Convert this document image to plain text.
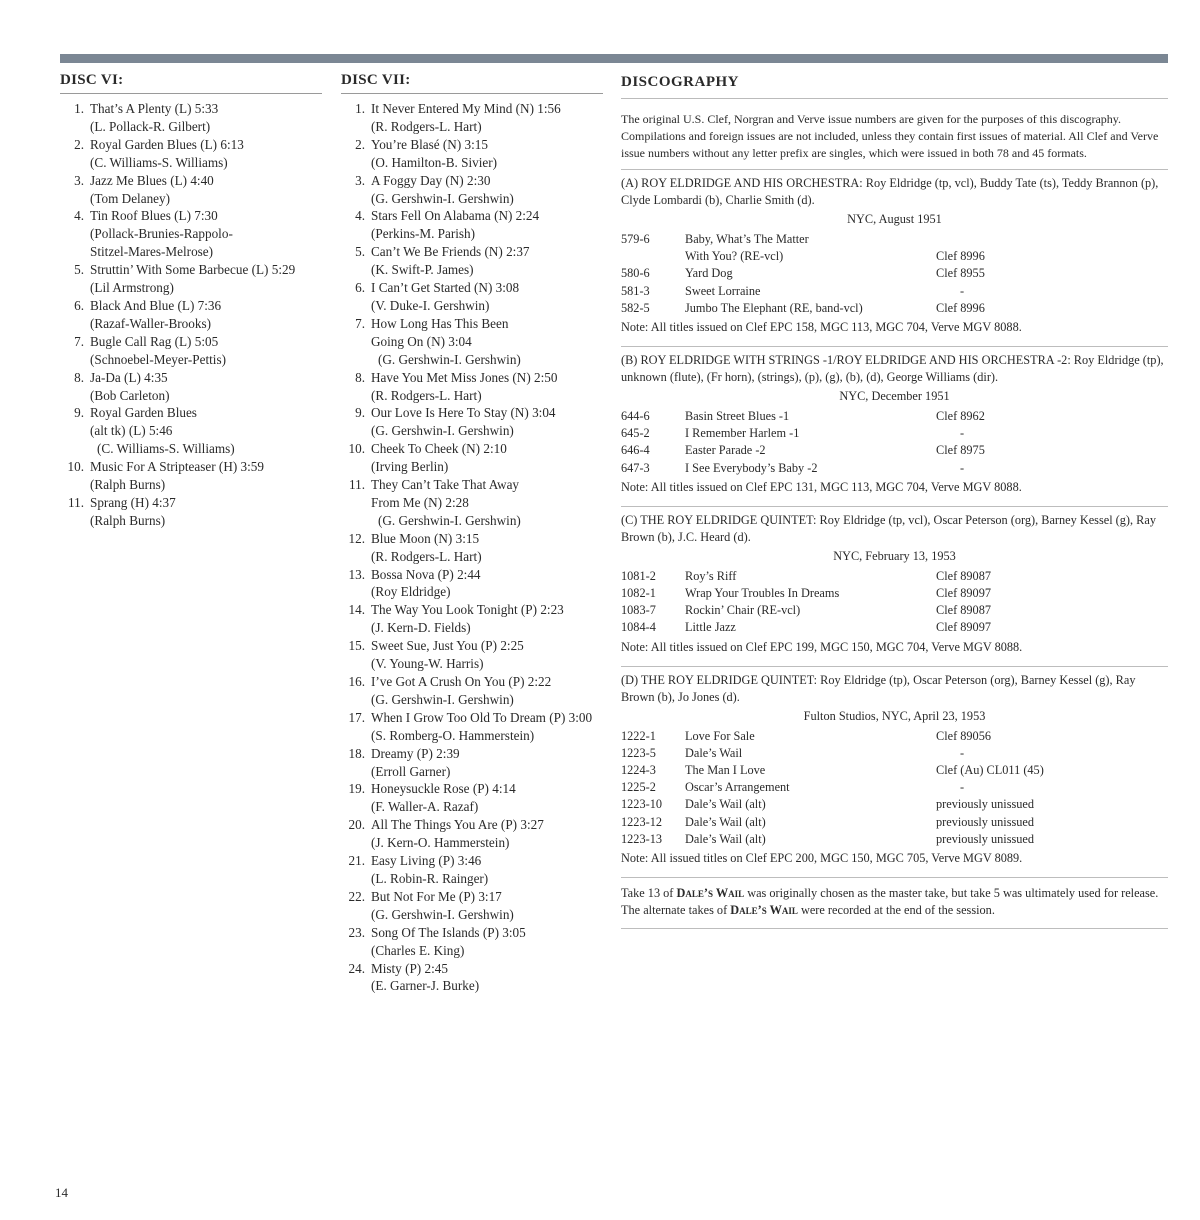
DISC VI:
1. That’s A Plenty (L) 5:33
(L. Pollack-R. Gilbert)
2. Royal Garden Blues (L) 6:13
(C. Williams-S. Williams)
3. Jazz Me Blues (L) 4:40
(Tom Delaney)
4. Tin Roof Blues (L) 7:30
(Pollack-Brunies-Rappolo-
Stitzel-Mares-Melrose)
5. Struttin’ With Some Barbecue (L) 5:29
(Lil Armstrong)
6. Black And Blue (L) 7:36
(Razaf-Waller-Brooks)
7. Bugle Call Rag (L) 5:05
(Schnoebel-Meyer-Pettis)
8. Ja-Da (L) 4:35
(Bob Carleton)
9. Royal Garden Blues
(alt tk) (L) 5:46
(C. Williams-S. Williams)
10. Music For A Stripteaser (H) 3:59
(Ralph Burns)
11. Sprang (H) 4:37
(Ralph Burns)
DISC VII:
1. It Never Entered My Mind (N) 1:56
(R. Rodgers-L. Hart)
2. You’re Blasé (N) 3:15
(O. Hamilton-B. Sivier)
3. A Foggy Day (N) 2:30
(G. Gershwin-I. Gershwin)
4. Stars Fell On Alabama (N) 2:24
(Perkins-M. Parish)
5. Can’t We Be Friends (N) 2:37
(K. Swift-P. James)
6. I Can’t Get Started (N) 3:08
(V. Duke-I. Gershwin)
7. How Long Has This Been
Going On (N) 3:04
(G. Gershwin-I. Gershwin)
8. Have You Met Miss Jones (N) 2:50
(R. Rodgers-L. Hart)
9. Our Love Is Here To Stay (N) 3:04
(G. Gershwin-I. Gershwin)
10. Cheek To Cheek (N) 2:10
(Irving Berlin)
11. They Can’t Take That Away
From Me (N) 2:28
(G. Gershwin-I. Gershwin)
12. Blue Moon (N) 3:15
(R. Rodgers-L. Hart)
13. Bossa Nova (P) 2:44
(Roy Eldridge)
14. The Way You Look Tonight (P) 2:23
(J. Kern-D. Fields)
15. Sweet Sue, Just You (P) 2:25
(V. Young-W. Harris)
16. I’ve Got A Crush On You (P) 2:22
(G. Gershwin-I. Gershwin)
17. When I Grow Too Old To Dream (P) 3:00
(S. Romberg-O. Hammerstein)
18. Dreamy (P) 2:39
(Erroll Garner)
19. Honeysuckle Rose (P) 4:14
(F. Waller-A. Razaf)
20. All The Things You Are (P) 3:27
(J. Kern-O. Hammerstein)
21. Easy Living (P) 3:46
(L. Robin-R. Rainger)
22. But Not For Me (P) 3:17
(G. Gershwin-I. Gershwin)
23. Song Of The Islands (P) 3:05
(Charles E. King)
24. Misty (P) 2:45
(E. Garner-J. Burke)
DISCOGRAPHY
The original U.S. Clef, Norgran and Verve issue numbers are given for the purposes of this discography. Compilations and foreign issues are not included, unless they contain first issues of material. All Clef and Verve issue numbers without any letter prefix are singles, which were issued in both 78 and 45 formats.
(A) ROY ELDRIDGE AND HIS ORCHESTRA: Roy Eldridge (tp, vcl), Buddy Tate (ts), Teddy Brannon (p), Clyde Lombardi (b), Charlie Smith (d).
NYC, August 1951
579-6	Baby, What’s The Matter
With You? (RE-vcl)	Clef 8996
580-6	Yard Dog	Clef 8955
581-3	Sweet Lorraine	-
582-5	Jumbo The Elephant (RE, band-vcl)	Clef 8996
Note: All titles issued on Clef EPC 158, MGC 113, MGC 704, Verve MGV 8088.
(B) ROY ELDRIDGE WITH STRINGS -1/ROY ELDRIDGE AND HIS ORCHESTRA -2: Roy Eldridge (tp), unknown (flute), (Fr horn), (strings), (p), (g), (b), (d), George Williams (dir).
NYC, December 1951
644-6	Basin Street Blues -1	Clef 8962
645-2	I Remember Harlem -1	-
646-4	Easter Parade -2	Clef 8975
647-3	I See Everybody’s Baby -2	-
Note: All titles issued on Clef EPC 131, MGC 113, MGC 704, Verve MGV 8088.
(C) THE ROY ELDRIDGE QUINTET: Roy Eldridge (tp, vcl), Oscar Peterson (org), Barney Kessel (g), Ray Brown (b), J.C. Heard (d).
NYC, February 13, 1953
1081-2	Roy’s Riff	Clef 89087
1082-1	Wrap Your Troubles In Dreams	Clef 89097
1083-7	Rockin’ Chair (RE-vcl)	Clef 89087
1084-4	Little Jazz	Clef 89097
Note: All titles issued on Clef EPC 199, MGC 150, MGC 704, Verve MGV 8088.
(D) THE ROY ELDRIDGE QUINTET: Roy Eldridge (tp), Oscar Peterson (org), Barney Kessel (g), Ray Brown (b), Jo Jones (d).
Fulton Studios, NYC, April 23, 1953
1222-1	Love For Sale	Clef 89056
1223-5	Dale’s Wail	-
1224-3	The Man I Love	Clef (Au) CL011 (45)
1225-2	Oscar’s Arrangement	-
1223-10	Dale’s Wail (alt)	previously unissued
1223-12	Dale’s Wail (alt)	previously unissued
1223-13	Dale’s Wail (alt)	previously unissued
Note: All issued titles on Clef EPC 200, MGC 150, MGC 705, Verve MGV 8089.
Take 13 of Dale’s Wail was originally chosen as the master take, but take 5 was ultimately used for release. The alternate takes of Dale’s Wail were recorded at the end of the session.
14
